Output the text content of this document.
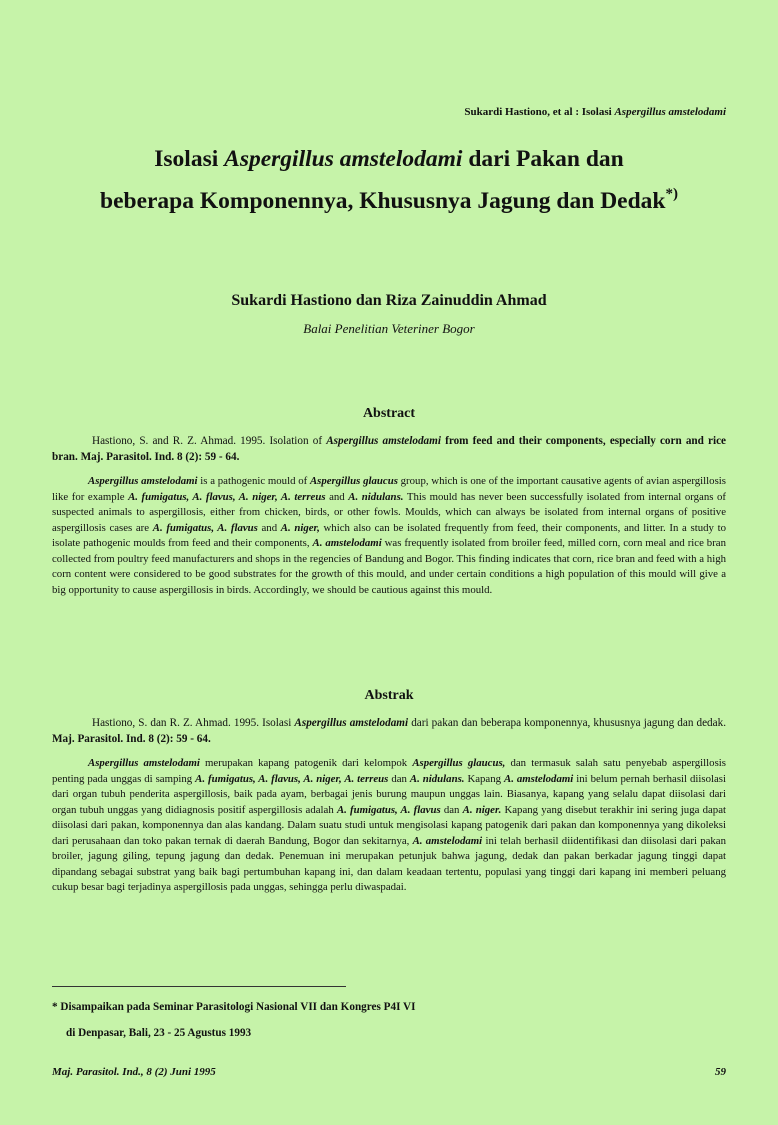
Sukardi Hastiono, et al : Isolasi Aspergillus amstelodami
Isolasi Aspergillus amstelodami dari Pakan dan
beberapa Komponennya, Khususnya Jagung dan Dedak*)
Sukardi Hastiono dan Riza Zainuddin Ahmad
Balai Penelitian Veteriner Bogor

Abstract

Hastiono, S. and R. Z. Ahmad. 1995. Isolation of Aspergillus amstelodami from feed and their components, especially corn and rice bran. Maj. Parasitol. Ind. 8 (2): 59 - 64.

Aspergillus amstelodami is a pathogenic mould of Aspergillus glaucus group, which is one of the important causative agents of avian aspergillosis like for example A. fumigatus, A. flavus, A. niger, A. terreus and A. nidulans. This mould has never been successfully isolated from internal organs of suspected animals to aspergillosis, either from chicken, birds, or other fowls. Moulds, which can always be isolated from internal organs of positive aspergillosis cases are A. fumigatus, A. flavus and A. niger, which also can be isolated frequently from feed, their components, and litter. In a study to isolate pathogenic moulds from feed and their components, A. amstelodami was frequently isolated from broiler feed, milled corn, corn meal and rice bran collected from poultry feed manufacturers and shops in the regencies of Bandung and Bogor. This finding indicates that corn, rice bran and feed with a high corn content were considered to be good substrates for the growth of this mould, and under certain conditions a high population of this mould will give a big opportunity to cause aspergillosis in birds. Accordingly, we should be cautious against this mould.

Abstrak

Hastiono, S. dan R. Z. Ahmad. 1995. Isolasi Aspergillus amstelodami dari pakan dan beberapa komponennya, khususnya jagung dan dedak. Maj. Parasitol. Ind. 8 (2): 59 - 64.

Aspergillus amstelodami merupakan kapang patogenik dari kelompok Aspergillus glaucus, dan termasuk salah satu penyebab aspergillosis penting pada unggas di samping A. fumigatus, A. flavus, A. niger, A. terreus dan A. nidulans. Kapang A. amstelodami ini belum pernah berhasil diisolasi dari organ tubuh penderita aspergillosis, baik pada ayam, berbagai jenis burung maupun unggas lain. Biasanya, kapang yang selalu dapat diisolasi dari organ tubuh unggas yang didiagnosis positif aspergillosis adalah A. fumigatus, A. flavus dan A. niger. Kapang yang disebut terakhir ini sering juga dapat diisolasi dari pakan, komponennya dan alas kandang. Dalam suatu studi untuk mengisolasi kapang patogenik dari pakan dan komponennya yang dikoleksi dari perusahaan dan toko pakan ternak di daerah Bandung, Bogor dan sekitarnya, A. amstelodami ini telah berhasil diidentifikasi dan diisolasi dari pakan broiler, jagung giling, tepung jagung dan dedak. Penemuan ini merupakan petunjuk bahwa jagung, dedak dan pakan berkadar jagung tinggi dapat dipandang sebagai substrat yang baik bagi pertumbuhan kapang ini, dan dalam keadaan tertentu, populasi yang tinggi dari kapang ini memberi peluang cukup besar bagi terjadinya aspergillosis pada unggas, sehingga perlu diwaspadai.

* Disampaikan pada Seminar Parasitologi Nasional VII dan Kongres P4I VI
di Denpasar, Bali, 23 - 25 Agustus 1993
Maj. Parasitol. Ind., 8 (2) Juni 1995	59
